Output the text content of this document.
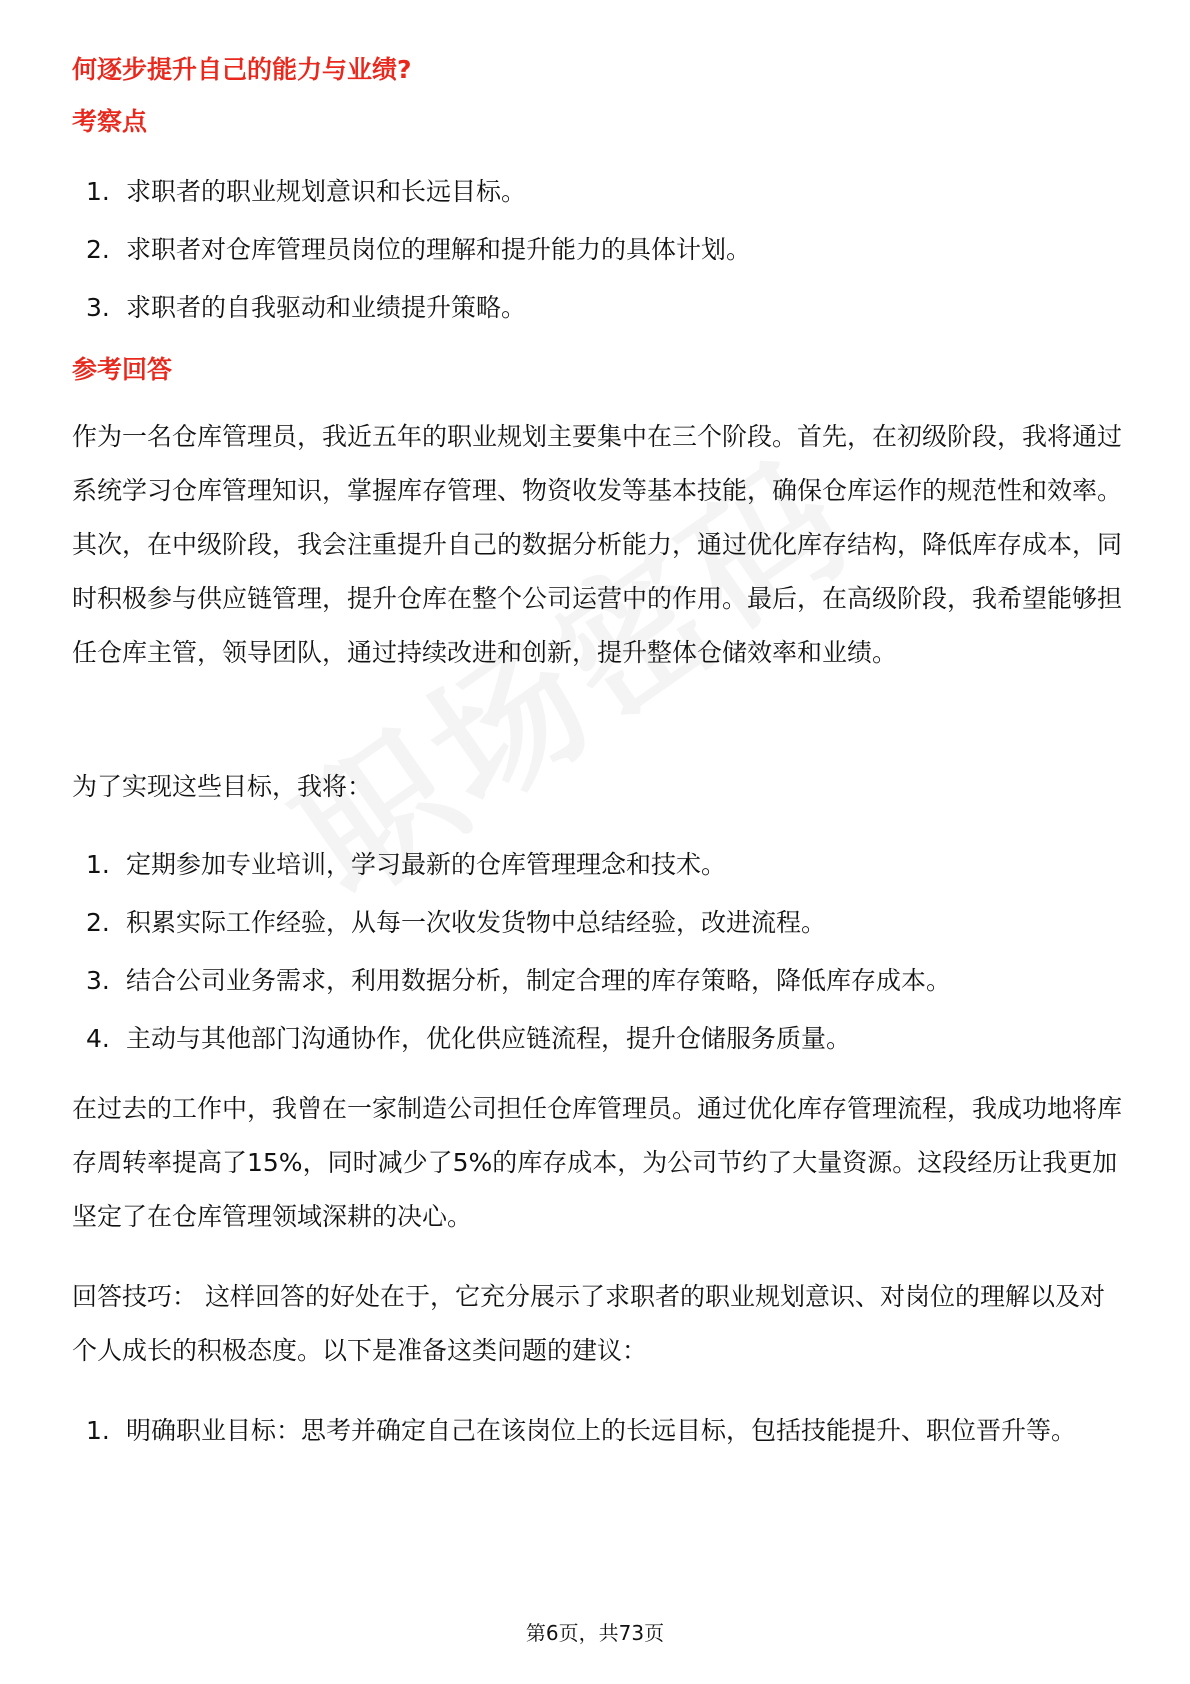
何逐步提升自己的能力与业绩?
考察点
1. 求职者的职业规划意识和长远目标。
2. 求职者对仓库管理员岗位的理解和提升能力的具体计划。
3. 求职者的自我驱动和业绩提升策略。
参考回答

作为一名仓库管理员，我近五年的职业规划主要集中在三个阶段。首先，在初级阶段，我将通过系统学习仓库管理知识，掌握库存管理、物资收发等基本技能，确保仓库运作的规范性和效率。其次，在中级阶段，我会注重提升自己的数据分析能力，通过优化库存结构，降低库存成本，同时积极参与供应链管理，提升仓库在整个公司运营中的作用。最后，在高级阶段，我希望能够担任仓库主管，领导团队，通过持续改进和创新，提升整体仓储效率和业绩。

为了实现这些目标，我将：

1. 定期参加专业培训，学习最新的仓库管理理念和技术。
2. 积累实际工作经验，从每一次收发货物中总结经验，改进流程。
3. 结合公司业务需求，利用数据分析，制定合理的库存策略，降低库存成本。
4. 主动与其他部门沟通协作，优化供应链流程，提升仓储服务质量。

在过去的工作中，我曾在一家制造公司担任仓库管理员。通过优化库存管理流程，我成功地将库存周转率提高了15%，同时减少了5%的库存成本，为公司节约了大量资源。这段经历让我更加坚定了在仓库管理领域深耕的决心。

回答技巧： 这样回答的好处在于，它充分展示了求职者的职业规划意识、对岗位的理解以及对个人成长的积极态度。以下是准备这类问题的建议：

1. 明确职业目标：思考并确定自己在该岗位上的长远目标，包括技能提升、职位晋升等。
第6页，共73页
